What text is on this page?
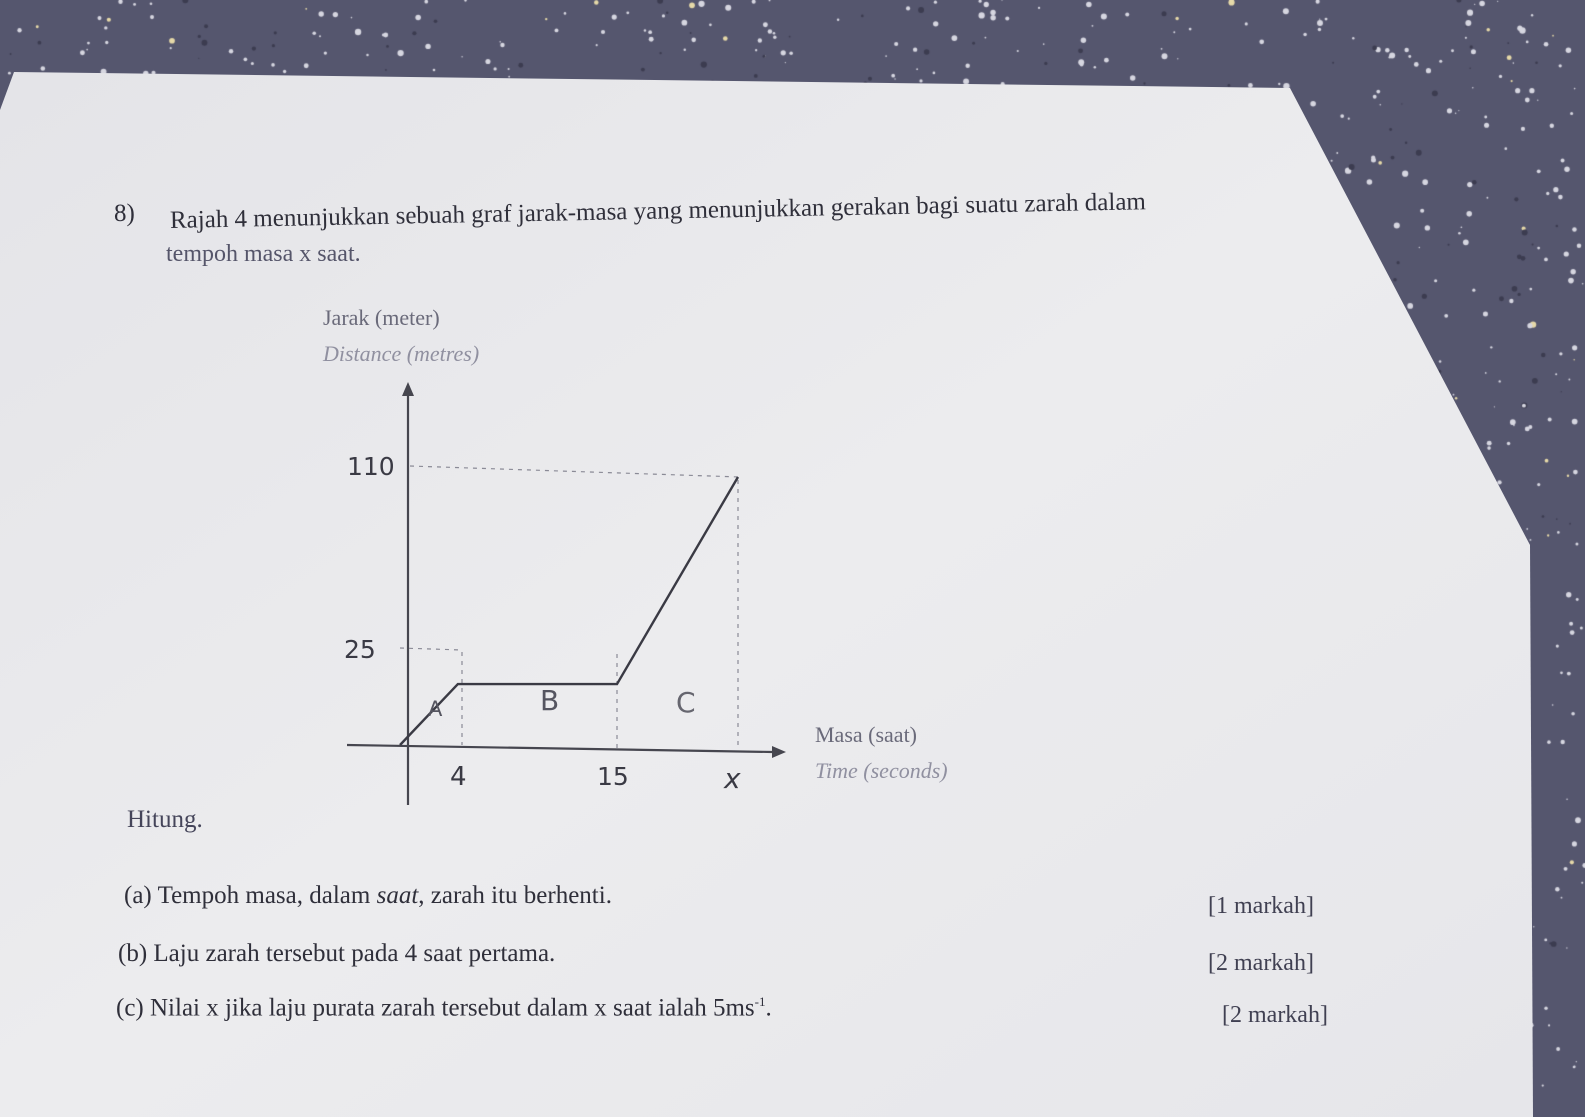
8) Rajah 4 menunjukkan sebuah graf jarak-masa yang menunjukkan gerakan bagi suatu zarah dalam
tempoh masa x saat.
Jarak (meter)
Distance (metres)
Masa (saat)
Time (seconds)
110
25
4	15	x
A	B	C
Hitung.
(a) Tempoh masa, dalam saat, zarah itu berhenti.	[1 markah]
(b) Laju zarah tersebut pada 4 saat pertama.	[2 markah]
(c) Nilai x jika laju purata zarah tersebut dalam x saat ialah $5ms^{-1}$.	[2 markah]
